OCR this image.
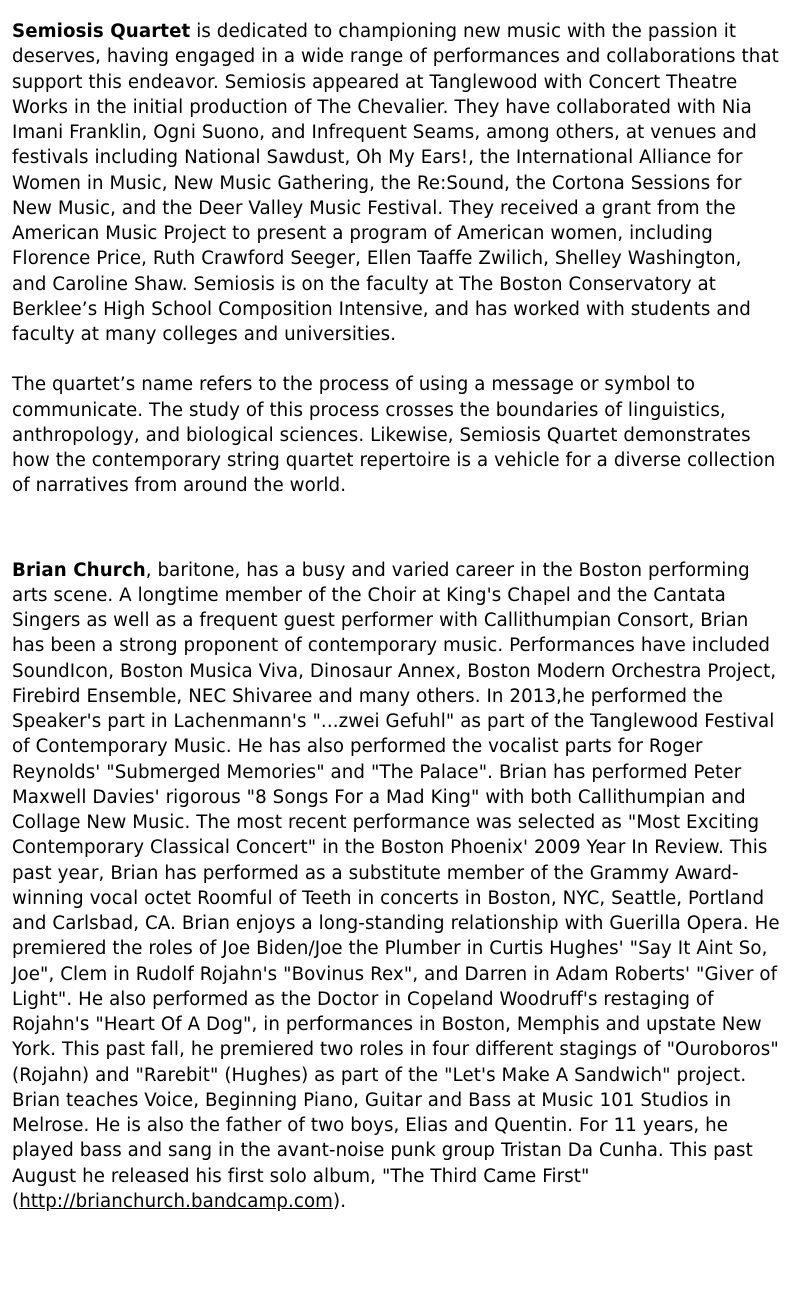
Semiosis Quartet is dedicated to championing new music with the passion it deserves, having engaged in a wide range of performances and collaborations that support this endeavor. Semiosis appeared at Tanglewood with Concert Theatre Works in the initial production of The Chevalier. They have collaborated with Nia Imani Franklin, Ogni Suono, and Infrequent Seams, among others, at venues and festivals including National Sawdust, Oh My Ears!, the International Alliance for Women in Music, New Music Gathering, the Re:Sound, the Cortona Sessions for New Music, and the Deer Valley Music Festival. They received a grant from the American Music Project to present a program of American women, including Florence Price, Ruth Crawford Seeger, Ellen Taaffe Zwilich, Shelley Washington, and Caroline Shaw. Semiosis is on the faculty at The Boston Conservatory at Berklee’s High School Composition Intensive, and has worked with students and faculty at many colleges and universities.

The quartet’s name refers to the process of using a message or symbol to communicate. The study of this process crosses the boundaries of linguistics, anthropology, and biological sciences. Likewise, Semiosis Quartet demonstrates how the contemporary string quartet repertoire is a vehicle for a diverse collection of narratives from around the world.

Brian Church, baritone, has a busy and varied career in the Boston performing arts scene. A longtime member of the Choir at King's Chapel and the Cantata Singers as well as a frequent guest performer with Callithumpian Consort, Brian has been a strong proponent of contemporary music. Performances have included SoundIcon, Boston Musica Viva, Dinosaur Annex, Boston Modern Orchestra Project, Firebird Ensemble, NEC Shivaree and many others. In 2013,he performed the Speaker's part in Lachenmann's "...zwei Gefuhl" as part of the Tanglewood Festival of Contemporary Music. He has also performed the vocalist parts for Roger Reynolds' "Submerged Memories" and "The Palace". Brian has performed Peter Maxwell Davies' rigorous "8 Songs For a Mad King" with both Callithumpian and Collage New Music. The most recent performance was selected as "Most Exciting Contemporary Classical Concert" in the Boston Phoenix' 2009 Year In Review. This past year, Brian has performed as a substitute member of the Grammy Award-winning vocal octet Roomful of Teeth in concerts in Boston, NYC, Seattle, Portland and Carlsbad, CA. Brian enjoys a long-standing relationship with Guerilla Opera. He premiered the roles of Joe Biden/Joe the Plumber in Curtis Hughes' "Say It Aint So, Joe", Clem in Rudolf Rojahn's "Bovinus Rex", and Darren in Adam Roberts' "Giver of Light". He also performed as the Doctor in Copeland Woodruff's restaging of Rojahn's "Heart Of A Dog", in performances in Boston, Memphis and upstate New York. This past fall, he premiered two roles in four different stagings of "Ouroboros" (Rojahn) and "Rarebit" (Hughes) as part of the "Let's Make A Sandwich" project. Brian teaches Voice, Beginning Piano, Guitar and Bass at Music 101 Studios in Melrose. He is also the father of two boys, Elias and Quentin. For 11 years, he played bass and sang in the avant-noise punk group Tristan Da Cunha. This past August he released his first solo album, "The Third Came First" (http://brianchurch.bandcamp.com).
